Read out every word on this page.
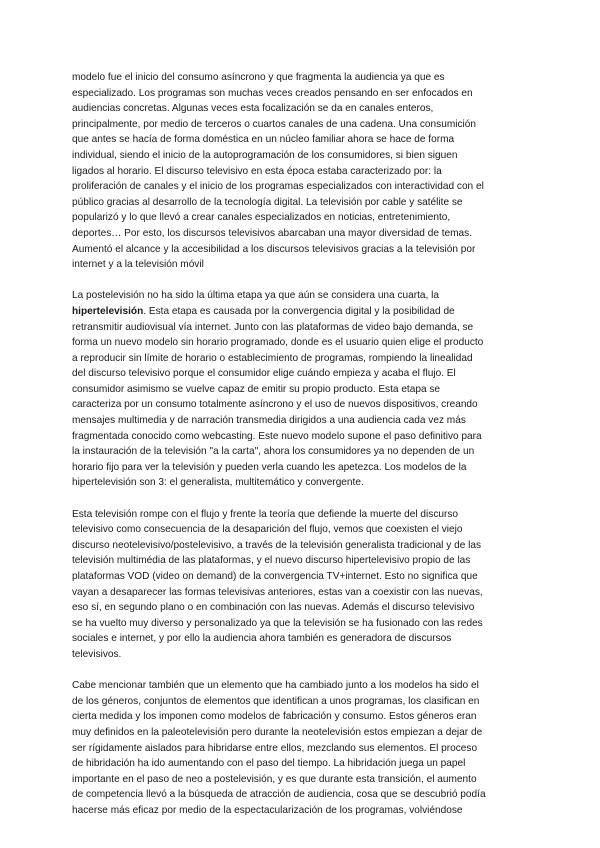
modelo fue el inicio del consumo asíncrono y que fragmenta la audiencia ya que es
especializado. Los programas son muchas veces creados pensando en ser enfocados en
audiencias concretas. Algunas veces esta focalización se da en canales enteros,
principalmente, por medio de terceros o cuartos canales de una cadena. Una consumición
que antes se hacía de forma doméstica en un núcleo familiar ahora se hace de forma
individual, siendo el inicio de la autoprogramación de los consumidores, si bien siguen
ligados al horario. El discurso televisivo en esta época estaba caracterizado por: la
proliferación de canales y el inicio de los programas especializados con interactividad con el
público gracias al desarrollo de la tecnología digital. La televisión por cable y satélite se
popularizó y lo que llevó a crear canales especializados en noticias, entretenimiento,
deportes… Por esto, los discursos televisivos abarcaban una mayor diversidad de temas.
Aumentó el alcance y la accesibilidad a los discursos televisivos gracias a la televisión por
internet y a la televisión móvil
La postelevisión no ha sido la última etapa ya que aún se considera una cuarta, la
hipertelevisión. Esta etapa es causada por la convergencia digital y la posibilidad de
retransmitir audiovisual vía internet. Junto con las plataformas de video bajo demanda, se
forma un nuevo modelo sin horario programado, donde es el usuario quien elige el producto
a reproducir sin límite de horario o establecimiento de programas, rompiendo la linealidad
del discurso televisivo porque el consumidor elige cuándo empieza y acaba el flujo. El
consumidor asimismo se vuelve capaz de emitir su propio producto. Esta etapa se
caracteriza por un consumo totalmente asíncrono y el uso de nuevos dispositivos, creando
mensajes multimedia y de narración transmedia dirigidos a una audiencia cada vez más
fragmentada conocido como webcasting. Este nuevo modelo supone el paso definitivo para
la instauración de la televisión "a la carta", ahora los consumidores ya no dependen de un
horario fijo para ver la televisión y pueden verla cuando les apetezca. Los modelos de la
hipertelevisión son 3: el generalista, multitemático y convergente.
Esta televisión rompe con el flujo y frente la teoría que defiende la muerte del discurso
televisivo como consecuencia de la desaparición del flujo, vemos que coexisten el viejo
discurso neotelevisivo/postelevisivo, a través de la televisión generalista tradicional y de las
televisión multimédia de las plataformas, y el nuevo discurso hipertelevisivo propio de las
plataformas VOD (video on demand) de la convergencia TV+internet. Esto no significa que
vayan a desaparecer las formas televisivas anteriores, estas van a coexistir con las nuevas,
eso sí, en segundo plano o en combinación con las nuevas. Además el discurso televisivo
se ha vuelto muy diverso y personalizado ya que la televisión se ha fusionado con las redes
sociales e internet, y por ello la audiencia ahora también es generadora de discursos
televisivos.
Cabe mencionar también que un elemento que ha cambiado junto a los modelos ha sido el
de los géneros, conjuntos de elementos que identifican a unos programas, los clasifican en
cierta medida y los imponen como modelos de fabricación y consumo. Estos géneros eran
muy definidos en la paleotelevisión pero durante la neotelevisión estos empiezan a dejar de
ser rígidamente aislados para hibridarse entre ellos, mezclando sus elementos. El proceso
de hibridación ha ido aumentando con el paso del tiempo. La hibridación juega un papel
importante en el paso de neo a postelevisión, y es que durante esta transición, el aumento
de competencia llevó a la búsqueda de atracción de audiencia, cosa que se descubrió podía
hacerse más eficaz por medio de la espectacularización de los programas, volviéndose
